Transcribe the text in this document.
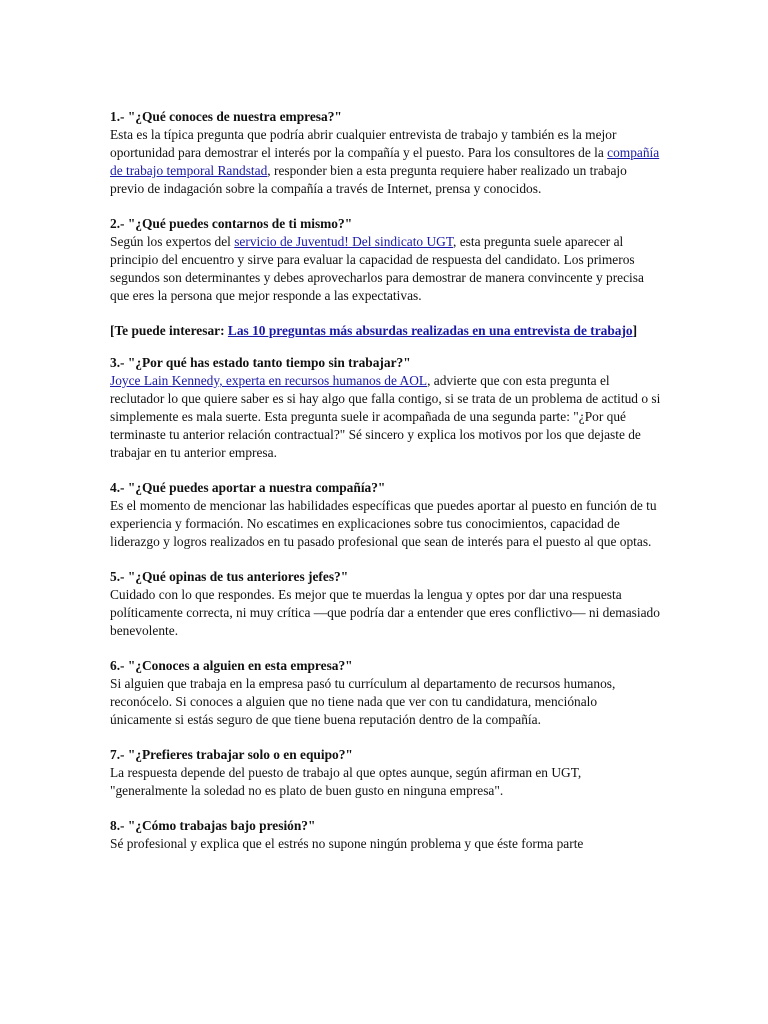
1.- "¿Qué conoces de nuestra empresa?"
Esta es la típica pregunta que podría abrir cualquier entrevista de trabajo y también es la mejor oportunidad para demostrar el interés por la compañía y el puesto. Para los consultores de la compañía de trabajo temporal Randstad, responder bien a esta pregunta requiere haber realizado un trabajo previo de indagación sobre la compañía a través de Internet, prensa y conocidos.
2.- "¿Qué puedes contarnos de ti mismo?"
Según los expertos del servicio de Juventud! Del sindicato UGT, esta pregunta suele aparecer al principio del encuentro y sirve para evaluar la capacidad de respuesta del candidato. Los primeros segundos son determinantes y debes aprovecharlos para demostrar de manera convincente y precisa que eres la persona que mejor responde a las expectativas.
[Te puede interesar: Las 10 preguntas más absurdas realizadas en una entrevista de trabajo]
3.- "¿Por qué has estado tanto tiempo sin trabajar?"
Joyce Lain Kennedy, experta en recursos humanos de AOL, advierte que con esta pregunta el reclutador lo que quiere saber es si hay algo que falla contigo, si se trata de un problema de actitud o si simplemente es mala suerte. Esta pregunta suele ir acompañada de una segunda parte: "¿Por qué terminaste tu anterior relación contractual?" Sé sincero y explica los motivos por los que dejaste de trabajar en tu anterior empresa.
4.- "¿Qué puedes aportar a nuestra compañía?"
Es el momento de mencionar las habilidades específicas que puedes aportar al puesto en función de tu experiencia y formación. No escatimes en explicaciones sobre tus conocimientos, capacidad de liderazgo y logros realizados en tu pasado profesional que sean de interés para el puesto al que optas.
5.- "¿Qué opinas de tus anteriores jefes?"
Cuidado con lo que respondes. Es mejor que te muerdas la lengua y optes por dar una respuesta políticamente correcta, ni muy crítica —que podría dar a entender que eres conflictivo— ni demasiado benevolente.
6.- "¿Conoces a alguien en esta empresa?"
Si alguien que trabaja en la empresa pasó tu currículum al departamento de recursos humanos, reconócelo. Si conoces a alguien que no tiene nada que ver con tu candidatura, menciónalo únicamente si estás seguro de que tiene buena reputación dentro de la compañía.
7.- "¿Prefieres trabajar solo o en equipo?"
La respuesta depende del puesto de trabajo al que optes aunque, según afirman en UGT, "generalmente la soledad no es plato de buen gusto en ninguna empresa".
8.- "¿Cómo trabajas bajo presión?"
Sé profesional y explica que el estrés no supone ningún problema y que éste forma parte
